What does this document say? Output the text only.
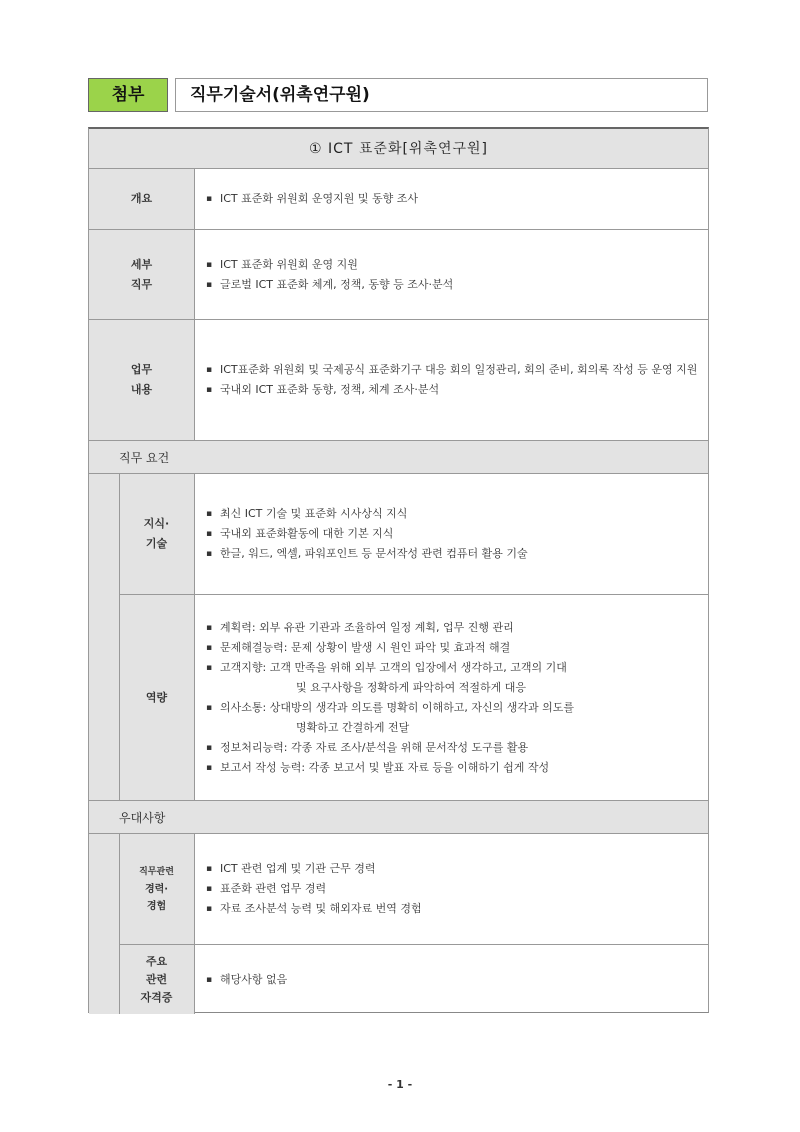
첨부	직무기술서(위촉연구원)
① ICT 표준화[위촉연구원]
개요
▪	ICT 표준화 위원회 운영지원 및 동향 조사
세부
직무
▪ ICT 표준화 위원회 운영 지원
▪ 글로벌 ICT 표준화 체계, 정책, 동향 등 조사·분석
업무
내용
▪ ICT표준화 위원회 및 국제공식 표준화기구 대응 회의 일정관리, 회의 준비, 회의록 작성 등 운영 지원
▪ 국내외 ICT 표준화 동향, 정책, 체계 조사·분석
직무 요건
지식·
기술
▪ 최신 ICT 기술 및 표준화 시사상식 지식
▪ 국내외 표준화활동에 대한 기본 지식
▪ 한글, 워드, 엑셀, 파워포인트 등 문서작성 관련 컴퓨터 활용 기술
역량
▪ 계획력: 외부 유관 기관과 조율하여 일정 계획, 업무 진행 관리
▪ 문제해결능력: 문제 상황이 발생 시 원인 파악 및 효과적 해결
▪ 고객지향: 고객 만족을 위해 외부 고객의 입장에서 생각하고, 고객의 기대
및 요구사항을 정확하게 파악하여 적절하게 대응
▪ 의사소통: 상대방의 생각과 의도를 명확히 이해하고, 자신의 생각과 의도를
명확하고 간결하게 전달
▪ 정보처리능력: 각종 자료 조사/분석을 위해 문서작성 도구를 활용
▪ 보고서 작성 능력: 각종 보고서 및 발표 자료 등을 이해하기 쉽게 작성
우대사항
직무관련
경력·
경험
▪ ICT 관련 업계 및 기관 근무 경력
▪ 표준화 관련 업무 경력
▪ 자료 조사분석 능력 및 해외자료 번역 경험
주요
관련
자격증
▪ 해당사항 없음
- 1 -
